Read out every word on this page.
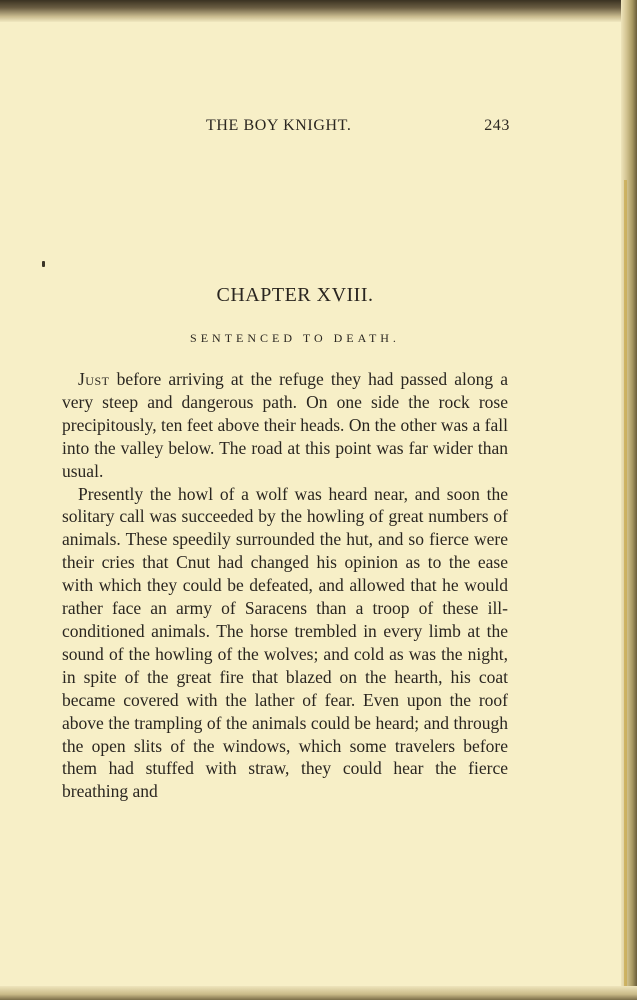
THE BOY KNIGHT.	243
CHAPTER XVIII.
SENTENCED TO DEATH.

Just before arriving at the refuge they had passed along a very steep and dangerous path. On one side the rock rose precipitously, ten feet above their heads. On the other was a fall into the valley below. The road at this point was far wider than usual.

Presently the howl of a wolf was heard near, and soon the solitary call was succeeded by the howling of great numbers of animals. These speedily surrounded the hut, and so fierce were their cries that Cnut had changed his opinion as to the ease with which they could be defeated, and allowed that he would rather face an army of Saracens than a troop of these ill-conditioned animals. The horse trembled in every limb at the sound of the howling of the wolves; and cold as was the night, in spite of the great fire that blazed on the hearth, his coat became covered with the lather of fear. Even upon the roof above the trampling of the animals could be heard; and through the open slits of the windows, which some travelers before them had stuffed with straw, they could hear the fierce breathing and
